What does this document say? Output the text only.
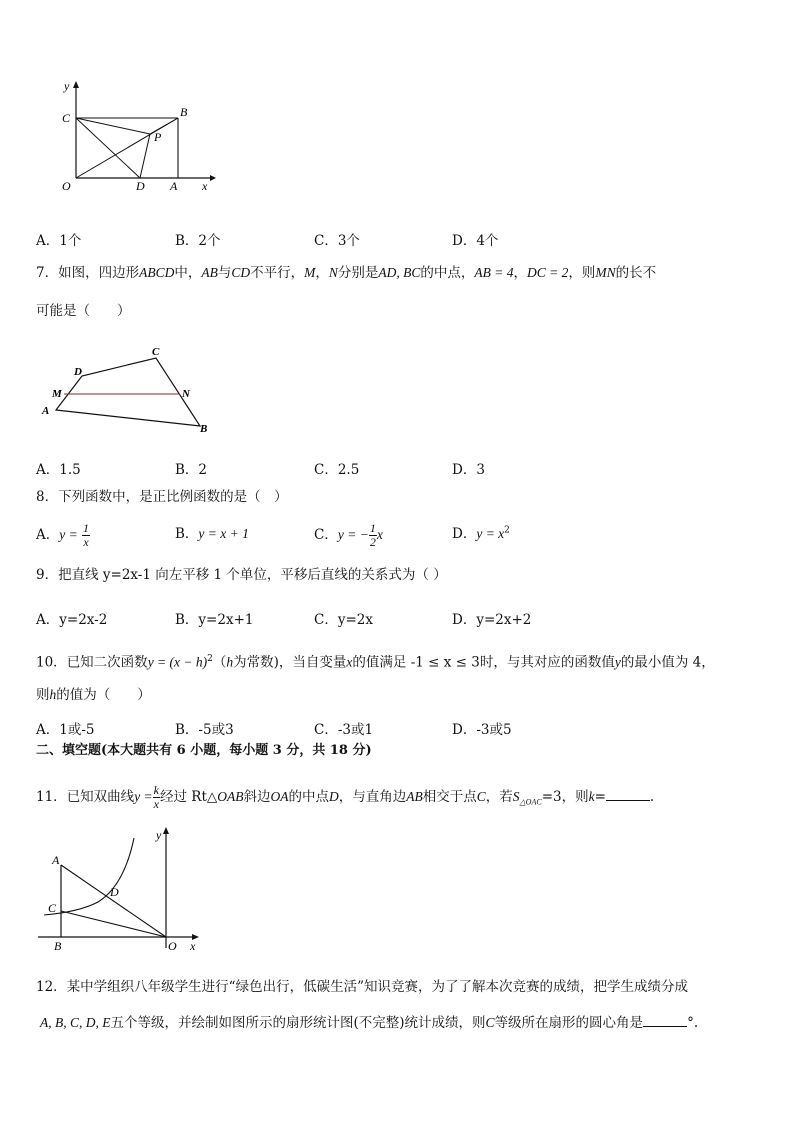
y
C	B
P
O	D A x
A．1个	B．2个	C．3个	D．4个
7．如图，四边形ABCD中，AB与CD不平行，M，N分别是AD, BC的中点，AB = 4，DC = 2，则MN的长不
可能是（　　）
D
C
M	N
A
B
A．1.5	B．2	C．2.5	D．3
8．下列函数中，是正比例函数的是（　）
A．$y = \frac{1}{x}$	B．y = x + 1	C．y = − $\frac{1}{2}$ x	D．$y = x^2$
9．把直线 y=2x-1 向左平移 1 个单位，平移后直线的关系式为（ ）
A．y=2x-2	B．y=2x+1	C．y=2x	D．y=2x+2
10．已知二次函数$y = (x - h)^2(h$为常数)，当自变量x的值满足 -1 ≤ x ≤ 3时，与其对应的函数值y的最小值为 4，
则h的值为（　　）
A．1或-5	B．-5或3	C．-3或1	D．-3或5
二、填空题(本大题共有 6 小题，每小题 3 分，共 18 分)
11．已知双曲线$y = \frac{k}{x}$ 经过 Rt△OAB斜边OA的中点D，与直角边AB相交于点C，若$S_{\triangle OAC}=3$，则k=	.
y
A
D
C
B	O x
12．某中学组织八年级学生进行“绿色出行，低碳生活”知识竞赛，为了了解本次竞赛的成绩，把学生成绩分成
A, B, C, D, E五个等级，并绘制如图所示的扇形统计图(不完整)统计成绩，则C等级所在扇形的圆心角是	°.
